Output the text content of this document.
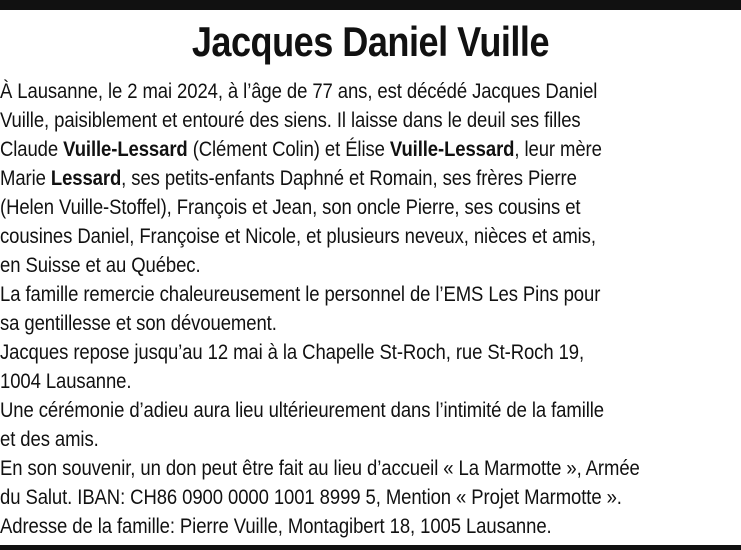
Jacques Daniel Vuille

À Lausanne, le 2 mai 2024, à l’âge de 77 ans, est décédé Jacques Daniel
Vuille, paisiblement et entouré des siens. Il laisse dans le deuil ses filles
Claude Vuille-Lessard (Clément Colin) et Élise Vuille-Lessard, leur mère
Marie Lessard, ses petits-enfants Daphné et Romain, ses frères Pierre
(Helen Vuille-Stoffel), François et Jean, son oncle Pierre, ses cousins et
cousines Daniel, Françoise et Nicole, et plusieurs neveux, nièces et amis,
en Suisse et au Québec.

La famille remercie chaleureusement le personnel de l’EMS Les Pins pour
sa gentillesse et son dévouement.

Jacques repose jusqu’au 12 mai à la Chapelle St-Roch, rue St-Roch 19,
1004 Lausanne.

Une cérémonie d’adieu aura lieu ultérieurement dans l’intimité de la famille
et des amis.

En son souvenir, un don peut être fait au lieu d’accueil « La Marmotte », Armée
du Salut. IBAN: CH86 0900 0000 1001 8999 5, Mention « Projet Marmotte ».

Adresse de la famille: Pierre Vuille, Montagibert 18, 1005 Lausanne.
